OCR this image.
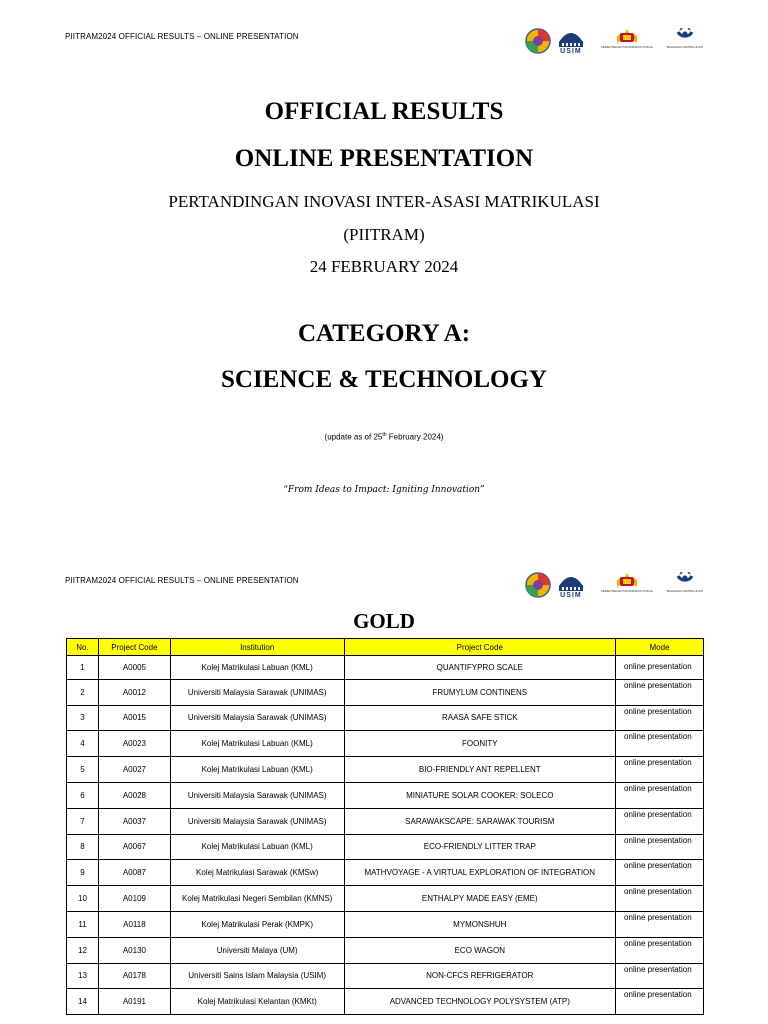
PIITRAM2024 OFFICIAL RESULTS – ONLINE PRESENTATION
USIM
KEMENTERIAN PENDIDIKAN TINGGI	BAHAGIAN MATRIKULASI
OFFICIAL RESULTS
ONLINE PRESENTATION
PERTANDINGAN INOVASI INTER-ASASI MATRIKULASI
(PIITRAM)
24 FEBRUARY 2024
CATEGORY A:
SCIENCE & TECHNOLOGY
(update as of 25th February 2024)
“From Ideas to Impact: Igniting Innovation”
PIITRAM2024 OFFICIAL RESULTS – ONLINE PRESENTATION
USIM
KEMENTERIAN PENDIDIKAN TINGGI	BAHAGIAN MATRIKULASI
GOLD
No.	Project Code	Institution	Project Code	Mode
1	A0005	Kolej Matrikulasi Labuan (KML)	QUANTIFYPRO SCALE	online presentation
2	A0012	Universiti Malaysia Sarawak (UNIMAS)	FRUMYLUM CONTINENS	online presentation
3	A0015	Universiti Malaysia Sarawak (UNIMAS)	RAASA SAFE STICK	online presentation
4	A0023	Kolej Matrikulasi Labuan (KML)	FOONITY	online presentation
5	A0027	Kolej Matrikulasi Labuan (KML)	BIO-FRIENDLY ANT REPELLENT	online presentation
6	A0028	Universiti Malaysia Sarawak (UNIMAS)	MINIATURE SOLAR COOKER: SOLECO	online presentation
7	A0037	Universiti Malaysia Sarawak (UNIMAS)	SARAWAKSCAPE: SARAWAK TOURISM	online presentation
8	A0067	Kolej Matrikulasi Labuan (KML)	ECO-FRIENDLY LITTER TRAP	online presentation
9	A0087	Kolej Matrikulasi Sarawak (KMSw)	MATHVOYAGE - A VIRTUAL EXPLORATION OF INTEGRATION	online presentation
10	A0109	Kolej Matrikulasi Negeri Sembilan (KMNS)	ENTHALPY MADE EASY (EME)	online presentation
11	A0118	Kolej Matrikulasi Perak (KMPK)	MYMONSHUH	online presentation
12	A0130	Universiti Malaya (UM)	ECO WAGON	online presentation
13	A0178	Universiti Sains Islam Malaysia (USIM)	NON-CFCS REFRIGERATOR	online presentation
14	A0191	Kolej Matrikulasi Kelantan (KMKt)	ADVANCED TECHNOLOGY POLYSYSTEM (ATP)	online presentation
